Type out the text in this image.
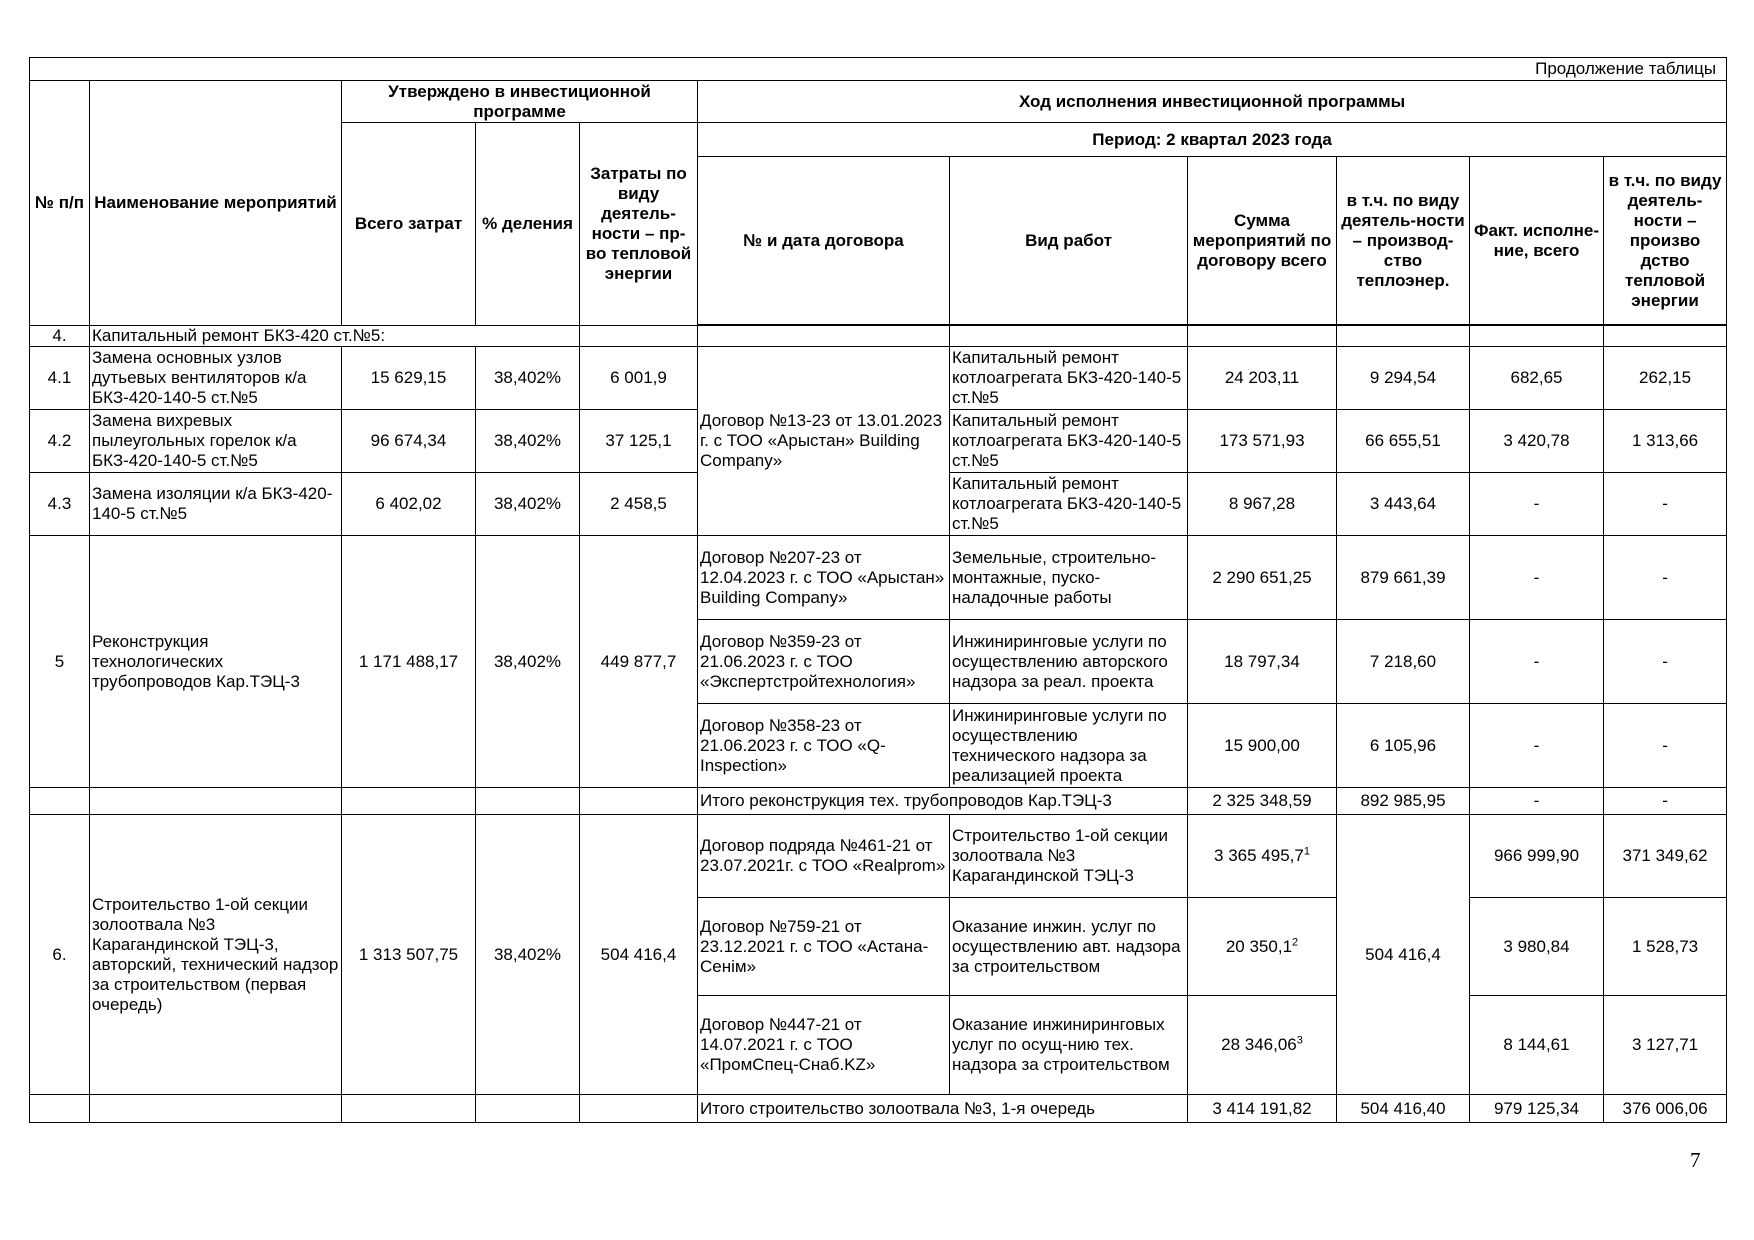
Продолжение таблицы										
№ п/п	Наименование мероприятий	Утверждено в инвестиционной программе			Ход исполнения инвестиционной программы					
		Всего затрат	% деления	Затраты по виду деятель-ности – пр-во тепловой энергии	Период: 2 квартал 2023 года					
					№ и дата договора	Вид работ	Сумма мероприятий по договору всего	в т.ч. по виду деятель-ности – производ-ство теплоэнер.	Факт. исполне-ние, всего	в т.ч. по виду деятель-ности – произво дство тепловой энергии

4.	Капитальный ремонт БКЗ-420 ст.№5:									
4.1	Замена основных узлов дутьевых вентиляторов к/а БКЗ-420-140-5 ст.№5	15 629,15	38,402%	6 001,9	Договор №13-23 от 13.01.2023 г. с ТОО «Арыстан» Building Company»	Капитальный ремонт котлоагрегата БКЗ-420-140-5 ст.№5	24 203,11	9 294,54	682,65	262,15
4.2	Замена вихревых пылеугольных горелок к/а БКЗ-420-140-5 ст.№5	96 674,34	38,402%	37 125,1		Капитальный ремонт котлоагрегата БКЗ-420-140-5 ст.№5	173 571,93	66 655,51	3 420,78	1 313,66
4.3	Замена изоляции к/а БКЗ-420-140-5 ст.№5	6 402,02	38,402%	2 458,5		Капитальный ремонт котлоагрегата БКЗ-420-140-5 ст.№5	8 967,28	3 443,64	-	-
5	Реконструкция технологических трубопроводов Кар.ТЭЦ-3	1 171 488,17	38,402%	449 877,7	Договор №207-23 от 12.04.2023 г. с ТОО «Арыстан» Building Company»	Земельные, строительно-монтажные, пуско-наладочные работы	2 290 651,25	879 661,39	-	-
					Договор №359-23 от 21.06.2023 г. с ТОО «Экспертстройтехнология»	Инжиниринговые услуги по осуществлению авторского надзора за реал. проекта	18 797,34	7 218,60	-	-
					Договор №358-23 от 21.06.2023 г. с ТОО «Q-Inspection»	Инжиниринговые услуги по осуществлению технического надзора за реализацией проекта	15 900,00	6 105,96	-	-
					Итого реконструкция тех. трубопроводов Кар.ТЭЦ-3		2 325 348,59	892 985,95	-	-
6.	Строительство 1-ой секции золоотвала №3 Карагандинской ТЭЦ-3, авторский, технический надзор за строительством (первая очередь)	1 313 507,75	38,402%	504 416,4	Договор подряда №461-21 от 23.07.2021г. с ТОО «Realprom»	Строительство 1-ой секции золоотвала №3 Карагандинской ТЭЦ-3	3 365 495,7$^1$	504 416,4	966 999,90	371 349,62
					Договор №759-21 от 23.12.2021 г. с ТОО «Астана-Сенім»	Оказание инжин. услуг по осуществлению авт. надзора за строительством	20 350,1$^2$		3 980,84	1 528,73
					Договор №447-21 от 14.07.2021 г. с ТОО «ПромСпец-Снаб.KZ»	Оказание инжиниринговых услуг по осущ-нию тех. надзора за строительством	28 346,06$^3$		8 144,61	3 127,71
					Итого строительство золоотвала №3, 1-я очередь		3 414 191,82	504 416,40	979 125,34	376 006,06
7
